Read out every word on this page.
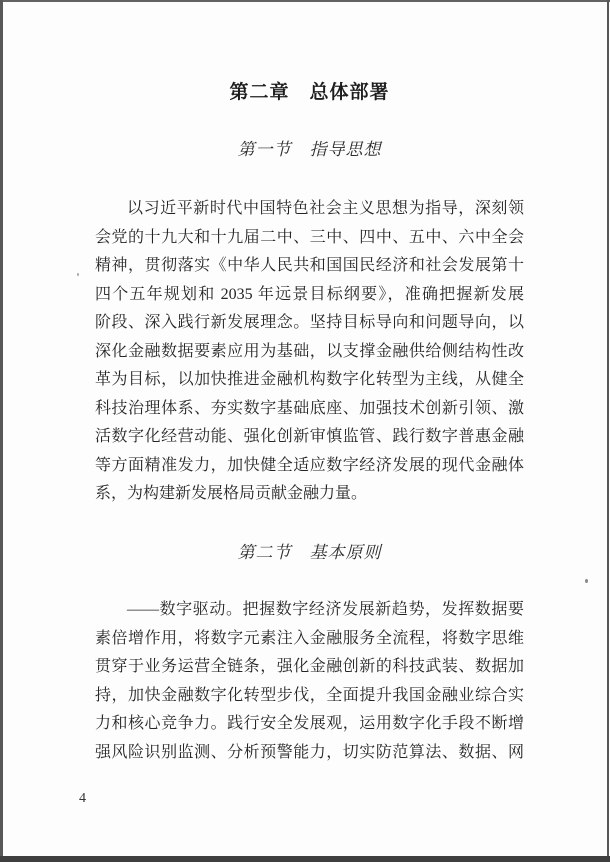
第二章　总体部署
第一节　指导思想

以习近平新时代中国特色社会主义思想为指导，深刻领

会党的十九大和十九届二中、三中、四中、五中、六中全会

精神，贯彻落实《中华人民共和国国民经济和社会发展第十

四个五年规划和 2035 年远景目标纲要》，准确把握新发展

阶段、深入践行新发展理念。坚持目标导向和问题导向，以

深化金融数据要素应用为基础，以支撑金融供给侧结构性改

革为目标，以加快推进金融机构数字化转型为主线，从健全

科技治理体系、夯实数字基础底座、加强技术创新引领、激

活数字化经营动能、强化创新审慎监管、践行数字普惠金融

等方面精准发力，加快健全适应数字经济发展的现代金融体

系，为构建新发展格局贡献金融力量。

第二节　基本原则

——数字驱动。把握数字经济发展新趋势，发挥数据要

素倍增作用，将数字元素注入金融服务全流程，将数字思维

贯穿于业务运营全链条，强化金融创新的科技武装、数据加

持，加快金融数字化转型步伐，全面提升我国金融业综合实

力和核心竞争力。践行安全发展观，运用数字化手段不断增

强风险识别监测、分析预警能力，切实防范算法、数据、网

4
